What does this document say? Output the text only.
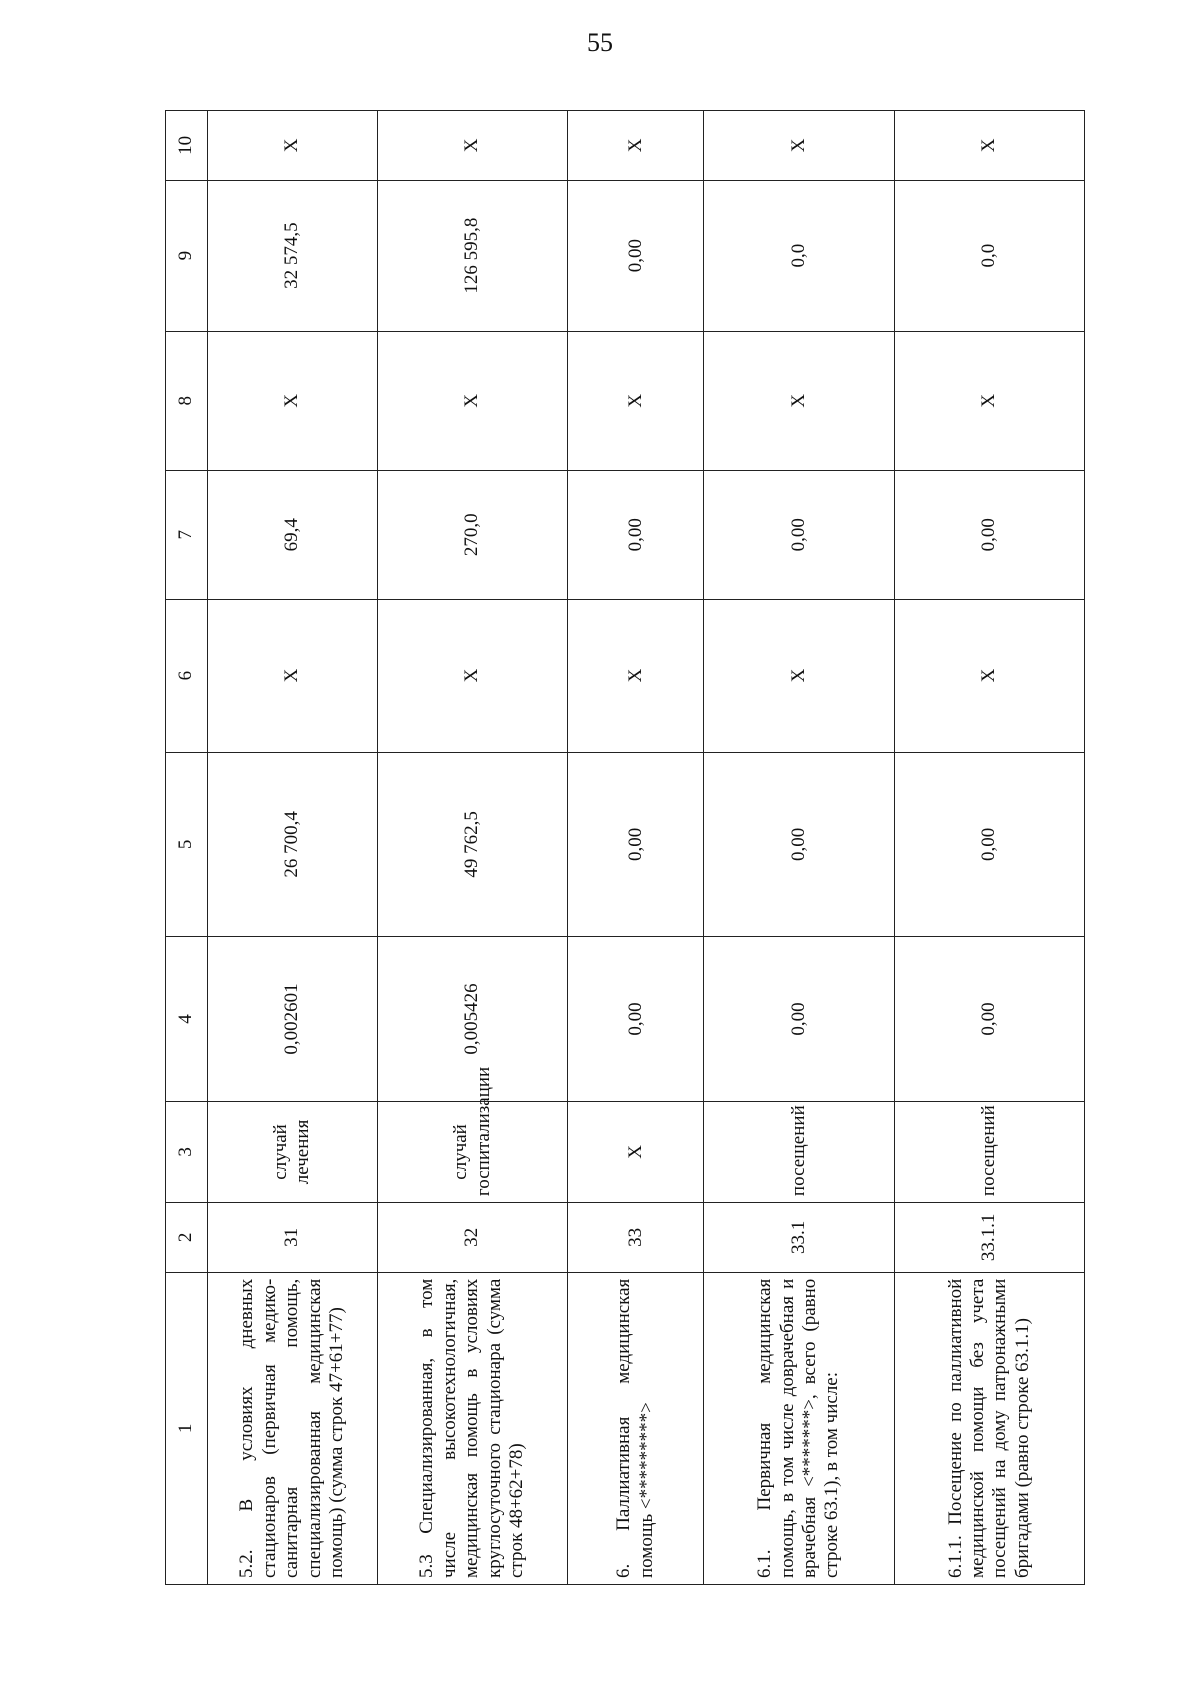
55
1	2	3	4	5	6	7	8	9	10
5.2. В условиях дневных стационаров (первичная медико-санитарная помощь, специализированная медицинская помощь) (сумма строк 47+61+77)	31	случай лечения	0,002601	26 700,4	X	69,4	X	32 574,5	X
5.3 Специализированная, в том числе высокотехнологичная, медицинская помощь в условиях круглосуточного стационара (сумма строк 48+62+78)	32	случай госпитализации	0,005426	49 762,5	X	270,0	X	126 595,8	X
6. Паллиативная медицинская помощь <*********>	33	X	0,00	0,00	X	0,00	X	0,00	X
6.1. Первичная медицинская помощь, в том числе доврачебная и врачебная <*******>, всего (равно строке 63.1), в том числе:	33.1	посещений	0,00	0,00	X	0,00	X	0,0	X
6.1.1. Посещение по паллиативной медицинской помощи без учета посещений на дому патронажными бригадами (равно строке 63.1.1)	33.1.1	посещений	0,00	0,00	X	0,00	X	0,0	X
